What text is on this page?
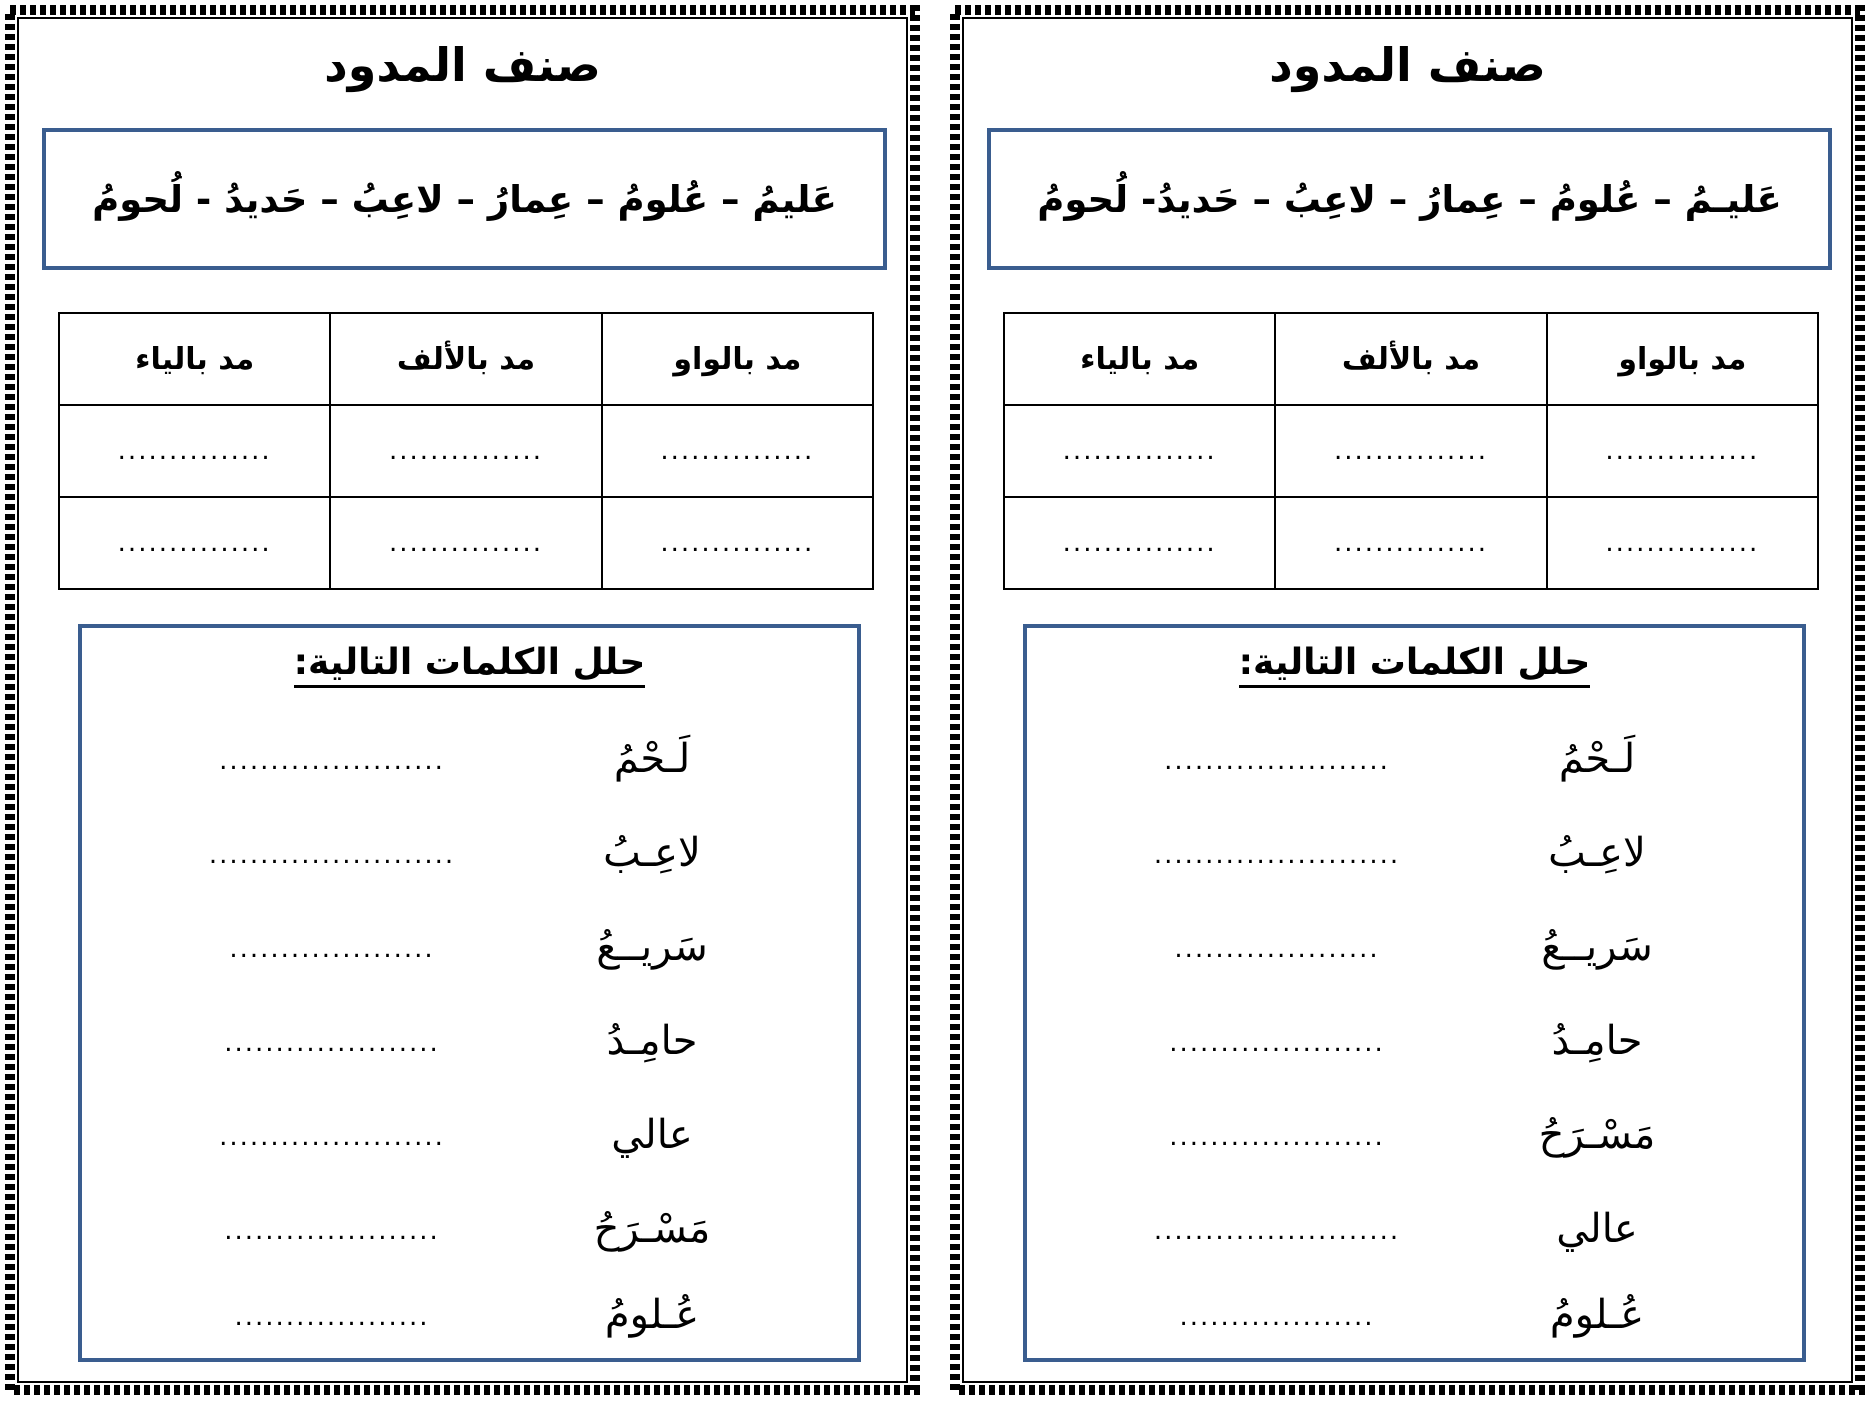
صنف المدود
عَليمُ – عُلومُ – عِمارُ – لاعِبُ – حَديدُ - لُحومُ
مد بالواو	مد بالألف	مد بالياء
...............	...............	...............
...............	...............	...............
حلل الكلمات التالية:
لَـحْمُ
......................
لاعِـبُ
........................
سَريــعُ
....................
حامِـدُ
.....................
عالي
......................
مَسْـرَحُ
.....................
عُـلومُ
...................
صنف المدود
عَليـمُ – عُلومُ – عِمارُ – لاعِبُ – حَديدُ- لُحومُ
مد بالواو	مد بالألف	مد بالياء
...............	...............	...............
...............	...............	...............
حلل الكلمات التالية:
لَـحْمُ
......................
لاعِـبُ
........................
سَريــعُ
....................
حامِـدُ
.....................
مَسْـرَحُ
.....................
عالي
........................
عُـلومُ
...................
